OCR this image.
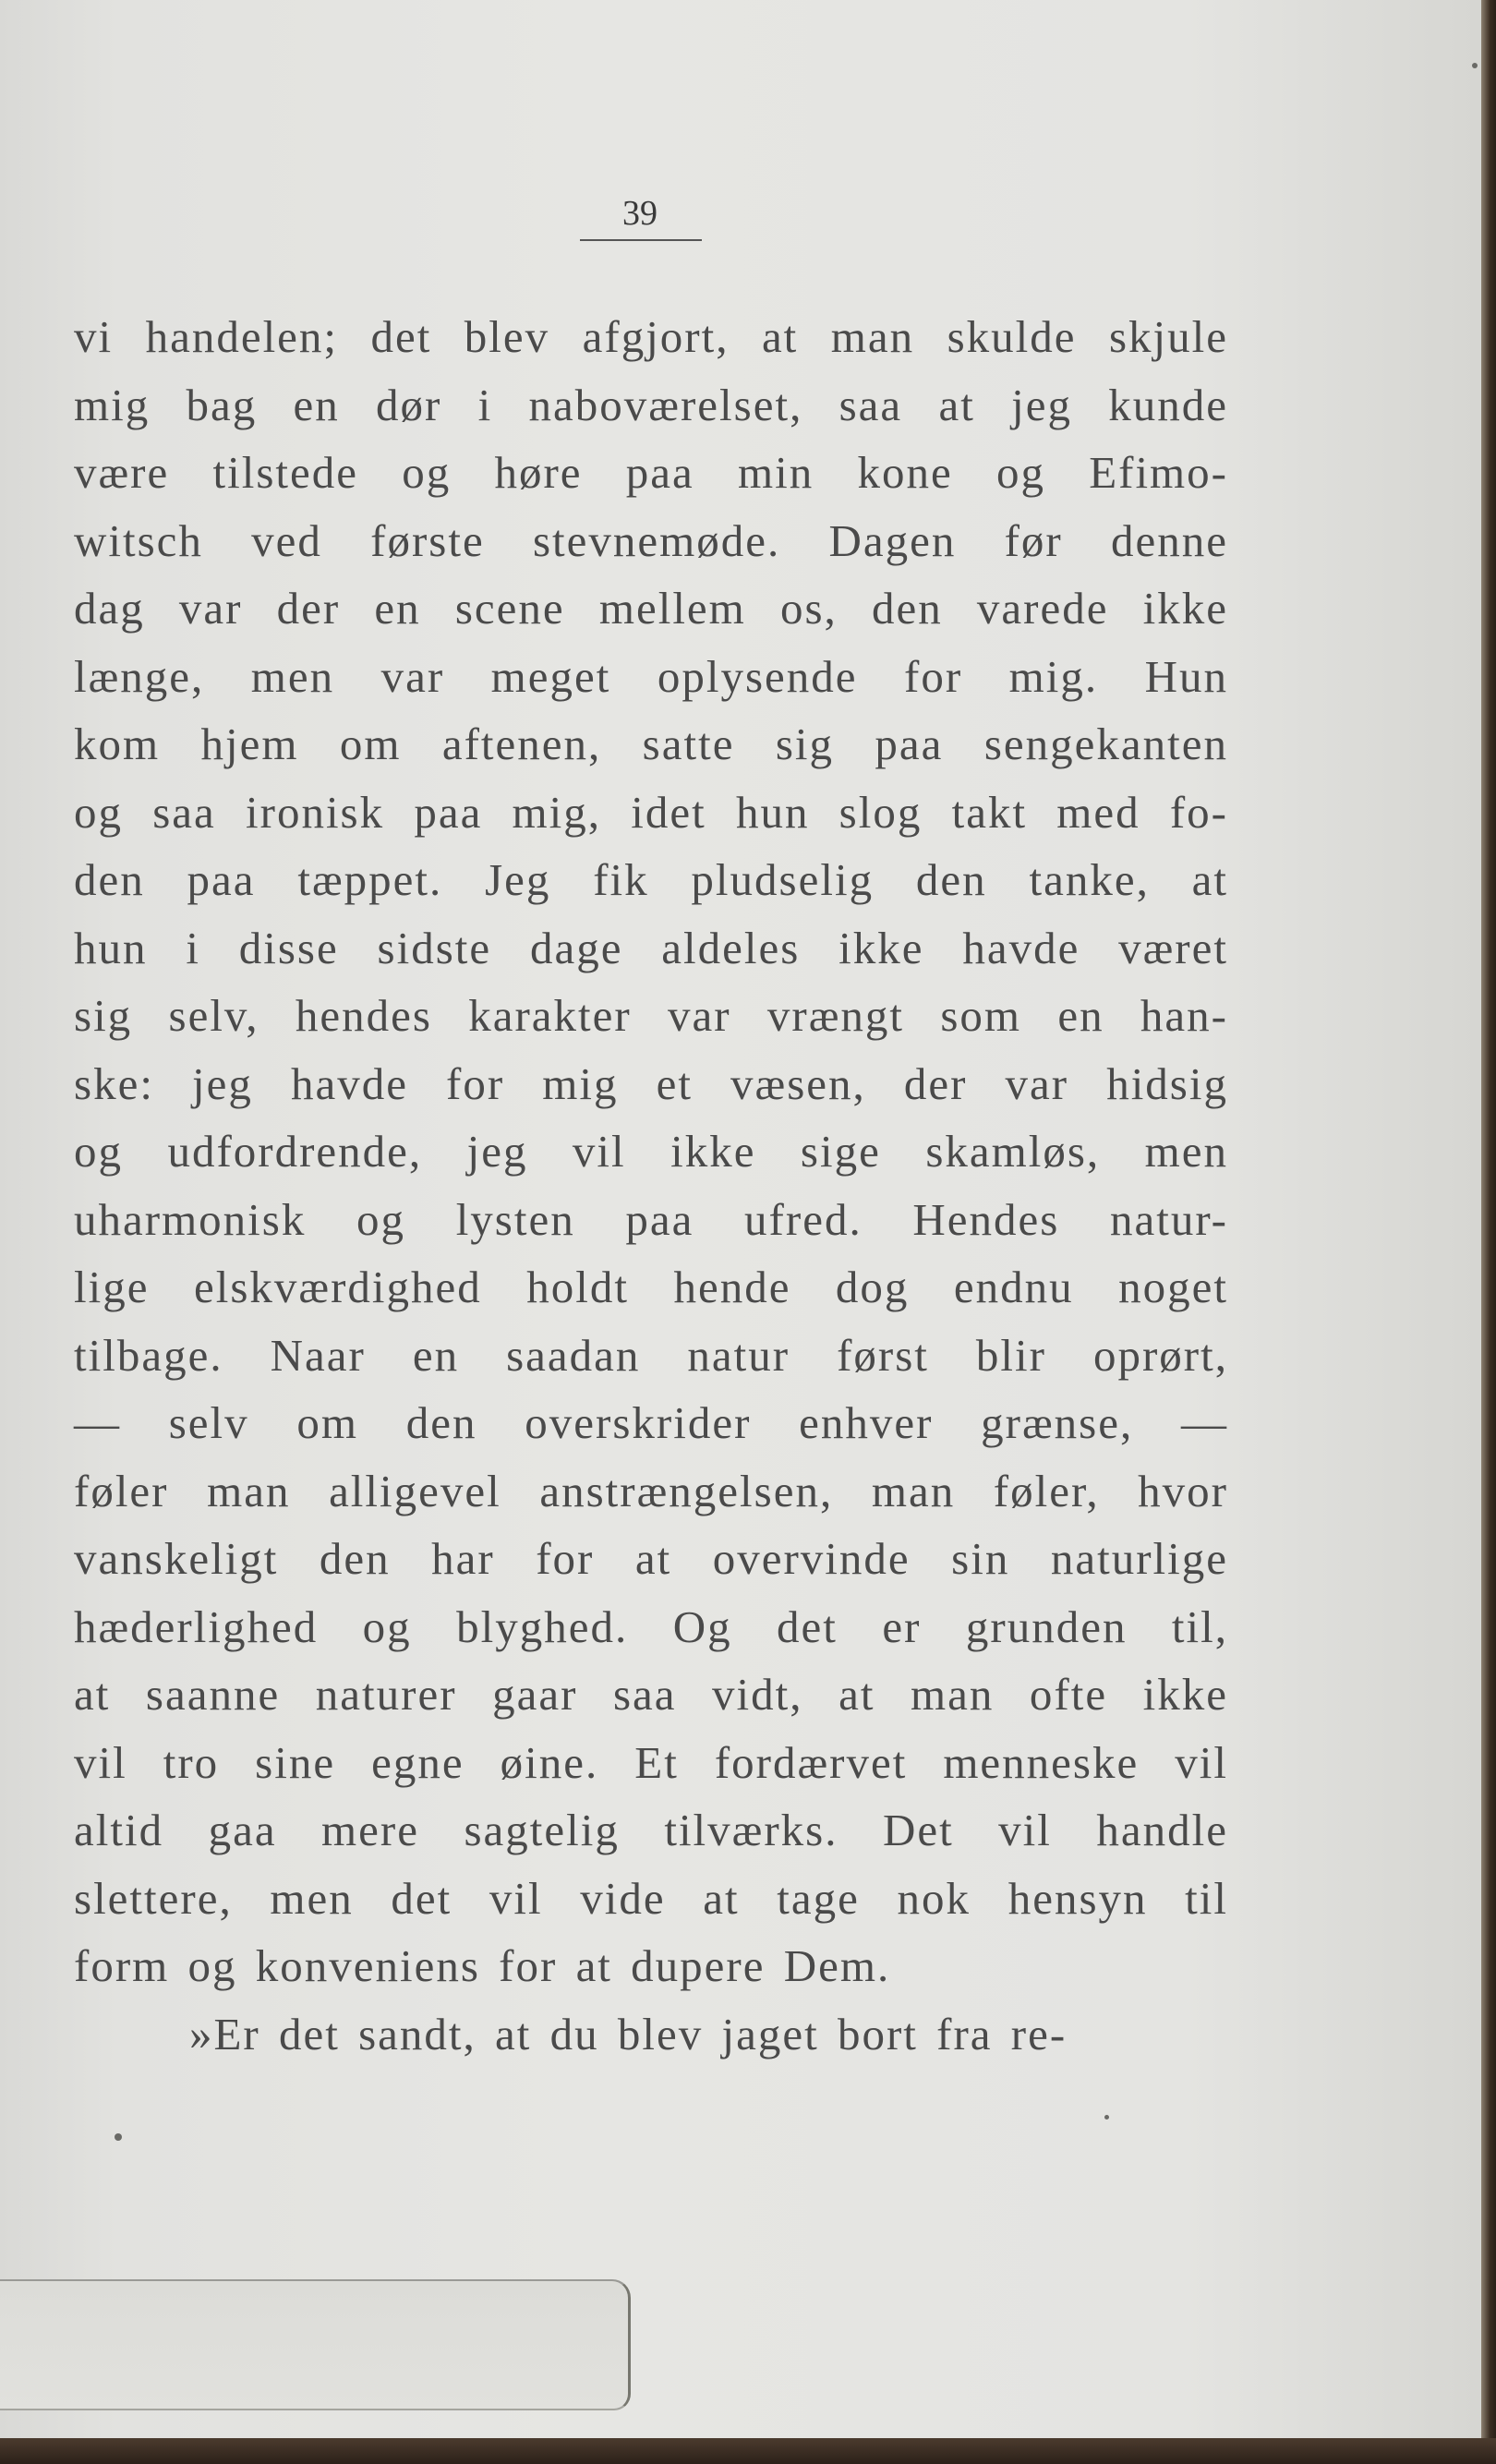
39
vi handelen; det blev afgjort, at man skulde skjule
mig bag en dør i naboværelset, saa at jeg kunde
være tilstede og høre paa min kone og Efimo-
witsch ved første stevnemøde. Dagen før denne
dag var der en scene mellem os, den varede ikke
længe, men var meget oplysende for mig. Hun
kom hjem om aftenen, satte sig paa sengekanten
og saa ironisk paa mig, idet hun slog takt med fo-
den paa tæppet. Jeg fik pludselig den tanke, at
hun i disse sidste dage aldeles ikke havde været
sig selv, hendes karakter var vrængt som en han-
ske: jeg havde for mig et væsen, der var hidsig
og udfordrende, jeg vil ikke sige skamløs, men
uharmonisk og lysten paa ufred. Hendes natur-
lige elskværdighed holdt hende dog endnu noget
tilbage. Naar en saadan natur først blir oprørt,
— selv om den overskrider enhver grænse, —
føler man alligevel anstrængelsen, man føler, hvor
vanskeligt den har for at overvinde sin naturlige
hæderlighed og blyghed. Og det er grunden til,
at saanne naturer gaar saa vidt, at man ofte ikke
vil tro sine egne øine. Et fordærvet menneske vil
altid gaa mere sagtelig tilværks. Det vil handle
slettere, men det vil vide at tage nok hensyn til
form og konveniens for at dupere Dem.
»Er det sandt, at du blev jaget bort fra re-
